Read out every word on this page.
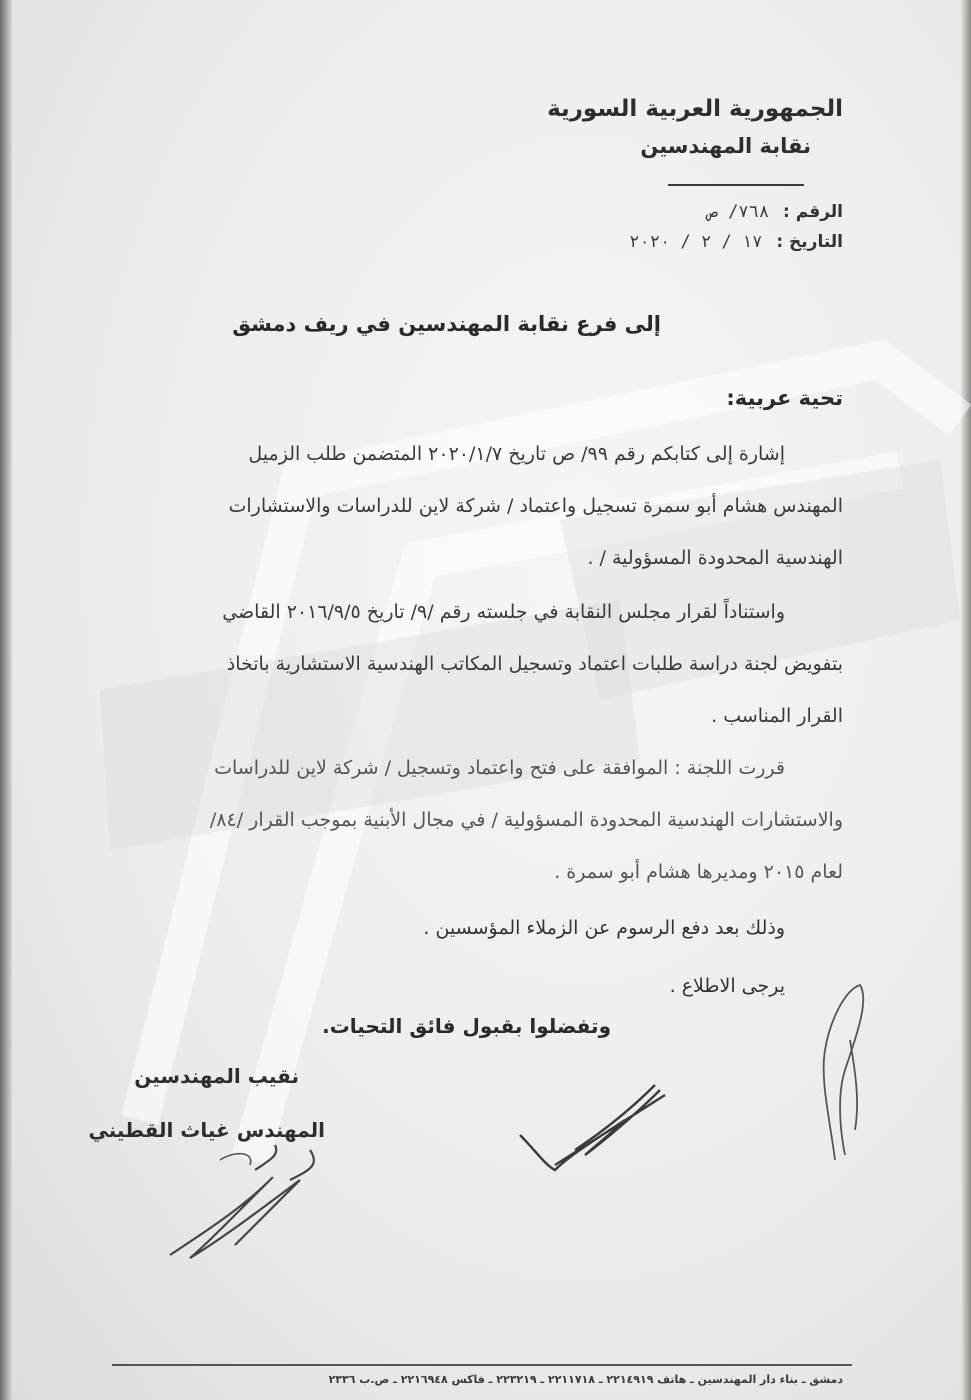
الجمهورية العربية السورية
نقابة المهندسين
الرقم : ٧٦٨/ ص
التاريخ : ١٧ / ٢ / ٢٠٢٠
إلى فرع نقابة المهندسين في ريف دمشق
تحية عربية:
إشارة إلى كتابكم رقم ٩٩/ ص تاريخ ٢٠٢٠/١/٧ المتضمن طلب الزميل
المهندس هشام أبو سمرة تسجيل واعتماد / شركة لاين للدراسات والاستشارات
الهندسية المحدودة المسؤولية / .
واستناداً لقرار مجلس النقابة في جلسته رقم /٩/ تاريخ ٢٠١٦/٩/٥ القاضي
بتفويض لجنة دراسة طلبات اعتماد وتسجيل المكاتب الهندسية الاستشارية باتخاذ
القرار المناسب .
قررت اللجنة : الموافقة على فتح واعتماد وتسجيل / شركة لاين للدراسات
والاستشارات الهندسية المحدودة المسؤولية / في مجال الأبنية بموجب القرار /٨٤/
لعام ٢٠١٥ ومديرها هشام أبو سمرة .
وذلك بعد دفع الرسوم عن الزملاء المؤسسين .
يرجى الاطلاع .
وتفضلوا بقبول فائق التحيات.
نقيب المهندسين
المهندس غياث القطيني
دمشق ـ بناء دار المهندسين ـ هاتف ٢٢١٤٩١٩ ـ ٢٢١١٧١٨ ـ ٢٢٣٢١٩ ـ فاكس ٢٢١٦٩٤٨ ـ ص.ب ٢٣٣٦
